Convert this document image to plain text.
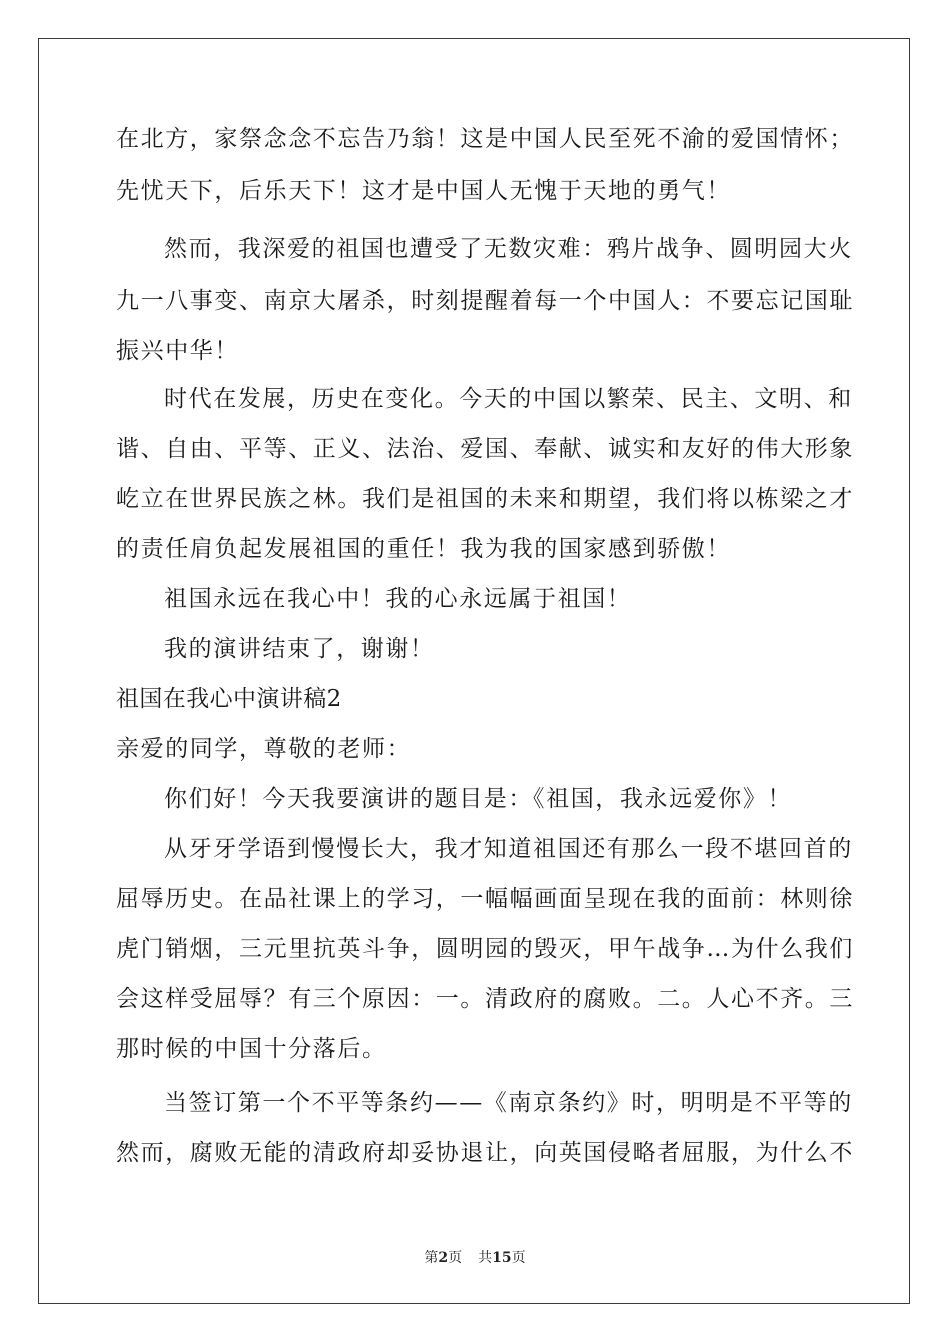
在北方，家祭念念不忘告乃翁！这是中国人民至死不渝的爱国情怀；
先忧天下，后乐天下！这才是中国人无愧于天地的勇气！
然而，我深爱的祖国也遭受了无数灾难：鸦片战争、圆明园大火
九一八事变、南京大屠杀，时刻提醒着每一个中国人：不要忘记国耻
振兴中华！
时代在发展，历史在变化。今天的中国以繁荣、民主、文明、和
谐、自由、平等、正义、法治、爱国、奉献、诚实和友好的伟大形象
屹立在世界民族之林。我们是祖国的未来和期望，我们将以栋梁之才
的责任肩负起发展祖国的重任！我为我的国家感到骄傲！
祖国永远在我心中！我的心永远属于祖国！
我的演讲结束了，谢谢！
祖国在我心中演讲稿2
亲爱的同学，尊敬的老师：
你们好！今天我要演讲的题目是：《祖国，我永远爱你》！
从牙牙学语到慢慢长大，我才知道祖国还有那么一段不堪回首的
屈辱历史。在品社课上的学习，一幅幅画面呈现在我的面前：林则徐
虎门销烟，三元里抗英斗争，圆明园的毁灭，甲午战争…为什么我们
会这样受屈辱？有三个原因：一。清政府的腐败。二。人心不齐。三
那时候的中国十分落后。
当签订第一个不平等条约——《南京条约》时，明明是不平等的
然而，腐败无能的清政府却妥协退让，向英国侵略者屈服，为什么不
第2页 共15页
